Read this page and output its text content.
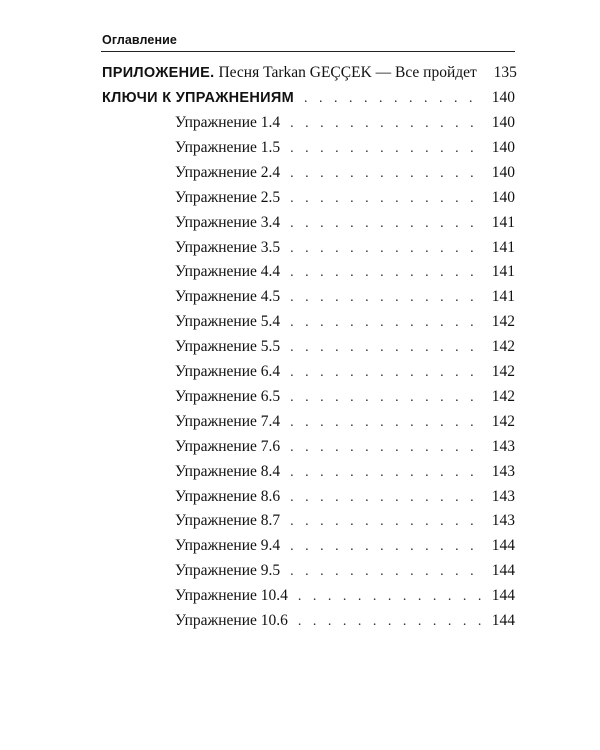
Оглавление
ПРИЛОЖЕНИЕ. Песня Tarkan GEÇÇEK — Все пройдет 135
КЛЮЧИ К УПРАЖНЕНИЯМ . . .	140
Упражнение 1.4 . . .	140
Упражнение 1.5 . . .	140
Упражнение 2.4 . . .	140
Упражнение 2.5 . . .	140
Упражнение 3.4 . . .	141
Упражнение 3.5 . . .	141
Упражнение 4.4 . . .	141
Упражнение 4.5 . . .	141
Упражнение 5.4 . . .	142
Упражнение 5.5 . . .	142
Упражнение 6.4 . . .	142
Упражнение 6.5 . . .	142
Упражнение 7.4 . . .	142
Упражнение 7.6 . . .	143
Упражнение 8.4 . . .	143
Упражнение 8.6 . . .	143
Упражнение 8.7 . . .	143
Упражнение 9.4 . . .	144
Упражнение 9.5 . . .	144
Упражнение 10.4 . . .	144
Упражнение 10.6 . . .	144
